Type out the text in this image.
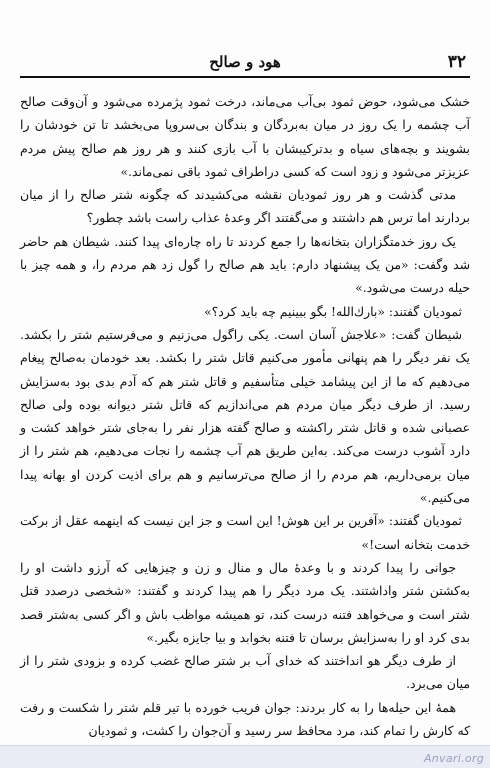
۳۲
هود و صالح

خشک می‌شود، حوض ثمود بی‌آب می‌ماند، درخت ثمود پژمرده می‌شود و آن‌وقت صالح آب چشمه را یک روز در میان به‌بردگان و بندگان بی‌سروپا می‌بخشد تا تن خودشان را بشویند و بچه‌های سیاه و بدترکیبشان با آب بازی کنند و هر روز هم صالح پیش مردم عزیزتر می‌شود و زود است که کسی دراطراف ثمود باقی نمی‌ماند.»

مدتی گذشت و هر روز ثمودیان نقشه می‌کشیدند که چگونه شتر صالح را از میان بردارند اما ترس هم داشتند و می‌گفتند اگر وعدهٔ عذاب راست باشد چطور؟

یک روز خدمتگزاران بتخانه‌ها را جمع کردند تا راه چاره‌ای پیدا کنند. شیطان هم حاضر شد وگفت: «من یک پیشنهاد دارم: باید هم صالح را گول زد هم مردم را، و همه چیز با حیله درست می‌شود.»

ثمودیان گفتند: «بارك‌الله! بگو ببینیم چه باید کرد؟»

شیطان گفت: «علاجش آسان است. یکی راگول می‌زنیم و می‌فرستیم شتر را بکشد. یک نفر دیگر را هم پنهانی مأمور می‌کنیم قاتل شتر را بکشد. بعد خودمان به‌صالح پیغام می‌دهیم که ما از این پیشامد خیلی متأسفیم و قاتل شتر هم که آدم بدی بود به‌سزایش رسید. از طرف دیگر میان مردم هم می‌اندازیم که قاتل شتر دیوانه بوده ولی صالح عصبانی شده و قاتل شتر راکشته و صالح گفته هزار نفر را به‌جای شتر خواهد کشت و دارد آشوب درست می‌کند. به‌این طریق هم آب چشمه را نجات می‌دهیم، هم شتر را از میان برمی‌داریم، هم مردم را از صالح می‌ترسانیم و هم برای اذیت کردن او بهانه پیدا می‌کنیم.»

ثمودیان گفتند: «آفرین بر این هوش! این است و جز این نیست که اینهمه عقل از برکت خدمت بتخانه است!»

جوانی را پیدا کردند و با وعدهٔ مال و منال و زن و چیزهایی که آرزو داشت او را به‌کشتن شتر واداشتند. یک مرد دیگر را هم پیدا کردند و گفتند: «شخصی درصدد قتل شتر است و می‌خواهد فتنه درست کند، تو همیشه مواظب باش و اگر کسی به‌شتر قصد بدی کرد او را به‌سزایش برسان تا فتنه بخوابد و بیا جایزه بگیر.»

از طرف دیگر هو انداختند که خدای آب بر شتر صالح غضب کرده و بزودی شتر را از میان می‌برد.

همهٔ این حیله‌ها را به کار بردند: جوان فریب خورده با تیر قلم شتر را شکست و رفت که کارش را تمام کند، مرد محافظ سر رسید و آن‌جوان را کشت، و ثمودیان

Anvari.org
